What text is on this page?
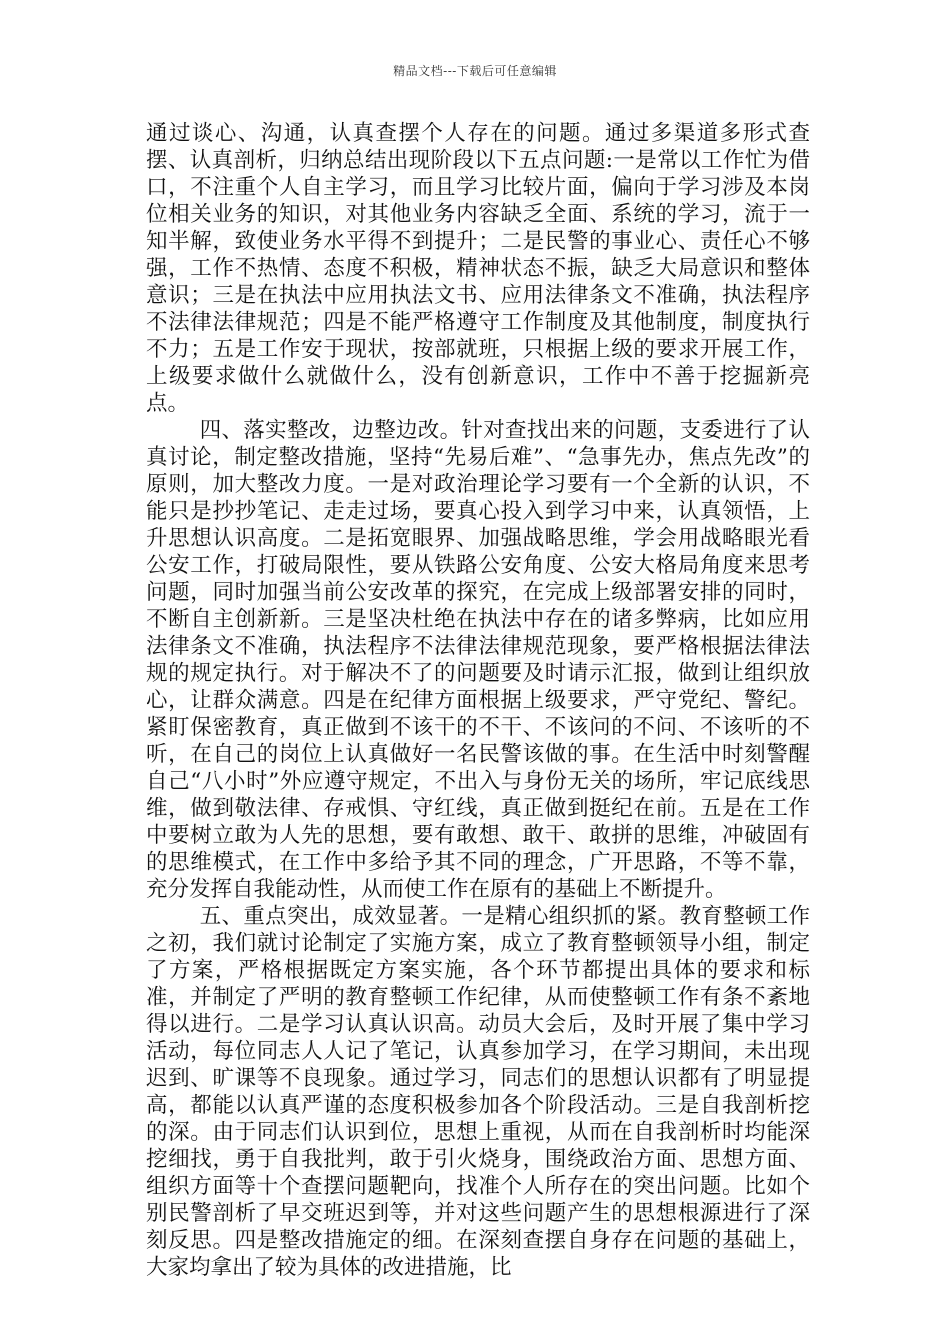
精品文档---下载后可任意编辑

通过谈心、沟通，认真查摆个人存在的问题。通过多渠道多形式查摆、认真剖析，归纳总结出现阶段以下五点问题:一是常以工作忙为借口，不注重个人自主学习，而且学习比较片面，偏向于学习涉及本岗位相关业务的知识，对其他业务内容缺乏全面、系统的学习，流于一知半解，致使业务水平得不到提升；二是民警的事业心、责任心不够强，工作不热情、态度不积极，精神状态不振，缺乏大局意识和整体意识；三是在执法中应用执法文书、应用法律条文不准确，执法程序不法律法律规范；四是不能严格遵守工作制度及其他制度，制度执行不力；五是工作安于现状，按部就班，只根据上级的要求开展工作，上级要求做什么就做什么，没有创新意识，工作中不善于挖掘新亮点。

四、落实整改，边整边改。针对查找出来的问题，支委进行了认真讨论，制定整改措施，坚持“先易后难”、“急事先办，焦点先改”的原则，加大整改力度。一是对政治理论学习要有一个全新的认识，不能只是抄抄笔记、走走过场，要真心投入到学习中来，认真领悟，上升思想认识高度。二是拓宽眼界、加强战略思维，学会用战略眼光看公安工作，打破局限性，要从铁路公安角度、公安大格局角度来思考问题，同时加强当前公安改革的探究，在完成上级部署安排的同时，不断自主创新新。三是坚决杜绝在执法中存在的诸多弊病，比如应用法律条文不准确，执法程序不法律法律规范现象，要严格根据法律法规的规定执行。对于解决不了的问题要及时请示汇报，做到让组织放心，让群众满意。四是在纪律方面根据上级要求，严守党纪、警纪。紧盯保密教育，真正做到不该干的不干、不该问的不问、不该听的不听，在自己的岗位上认真做好一名民警该做的事。在生活中时刻警醒自己“八小时”外应遵守规定，不出入与身份无关的场所，牢记底线思维，做到敬法律、存戒惧、守红线，真正做到挺纪在前。五是在工作中要树立敢为人先的思想，要有敢想、敢干、敢拼的思维，冲破固有的思维模式，在工作中多给予其不同的理念，广开思路，不等不靠，充分发挥自我能动性，从而使工作在原有的基础上不断提升。

五、重点突出，成效显著。一是精心组织抓的紧。教育整顿工作之初，我们就讨论制定了实施方案，成立了教育整顿领导小组，制定了方案，严格根据既定方案实施，各个环节都提出具体的要求和标准，并制定了严明的教育整顿工作纪律，从而使整顿工作有条不紊地得以进行。二是学习认真认识高。动员大会后，及时开展了集中学习活动，每位同志人人记了笔记，认真参加学习，在学习期间，未出现迟到、旷课等不良现象。通过学习，同志们的思想认识都有了明显提高，都能以认真严谨的态度积极参加各个阶段活动。三是自我剖析挖的深。由于同志们认识到位，思想上重视，从而在自我剖析时均能深挖细找，勇于自我批判，敢于引火烧身，围绕政治方面、思想方面、组织方面等十个查摆问题靶向，找准个人所存在的突出问题。比如个别民警剖析了早交班迟到等，并对这些问题产生的思想根源进行了深刻反思。四是整改措施定的细。在深刻查摆自身存在问题的基础上，大家均拿出了较为具体的改进措施，比
